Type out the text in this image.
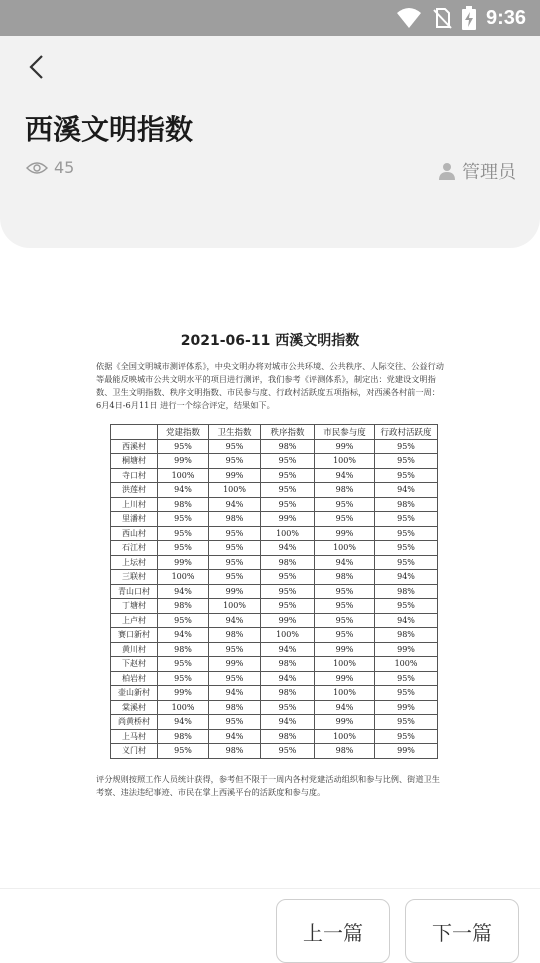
9:36
西溪文明指数
45	管理员
2021-06-11 西溪文明指数
依据《全国文明城市测评体系》，中央文明办将对城市公共环境、公共秩序、人际交往、公益行动等最能反映城市公共文明水平的项目进行测评，我们参考《评测体系》，制定出：党建设文明指数、卫生文明指数、秩序文明指数、市民参与度、行政村活跃度五项指标，对西溪各村前一周：6月4日-6月11日 进行一个综合评定，结果如下。
	党建指数	卫生指数	秩序指数	市民参与度	行政村活跃度
西溪村	95%	95%	98%	99%	95%
桐塘村	99%	95%	95%	100%	95%
寺口村	100%	99%	95%	94%	95%
洪莲村	94%	100%	95%	98%	94%
上川村	98%	94%	95%	95%	98%
里潘村	95%	98%	99%	95%	95%
西山村	95%	95%	100%	99%	95%
石江村	95%	95%	94%	100%	95%
上坛村	99%	95%	98%	94%	95%
三联村	100%	95%	95%	98%	94%
青山口村	94%	99%	95%	95%	98%
丁塘村	98%	100%	95%	95%	95%
上卢村	95%	94%	99%	95%	94%
赛口新村	94%	98%	100%	95%	98%
黄川村	98%	95%	94%	99%	99%
下赵村	95%	99%	98%	100%	100%
柏岩村	95%	95%	94%	99%	95%
壶山新村	99%	94%	98%	100%	95%
棠溪村	100%	98%	95%	94%	99%
尚黄桥村	94%	95%	94%	99%	95%
上马村	98%	94%	98%	100%	95%
义门村	95%	98%	95%	98%	99%
评分规则按照工作人员统计获得，参考但不限于一周内各村党建活动组织和参与比例、街道卫生考察、违法违纪事迹、市民在掌上西溪平台的活跃度和参与度。
上一篇	下一篇
